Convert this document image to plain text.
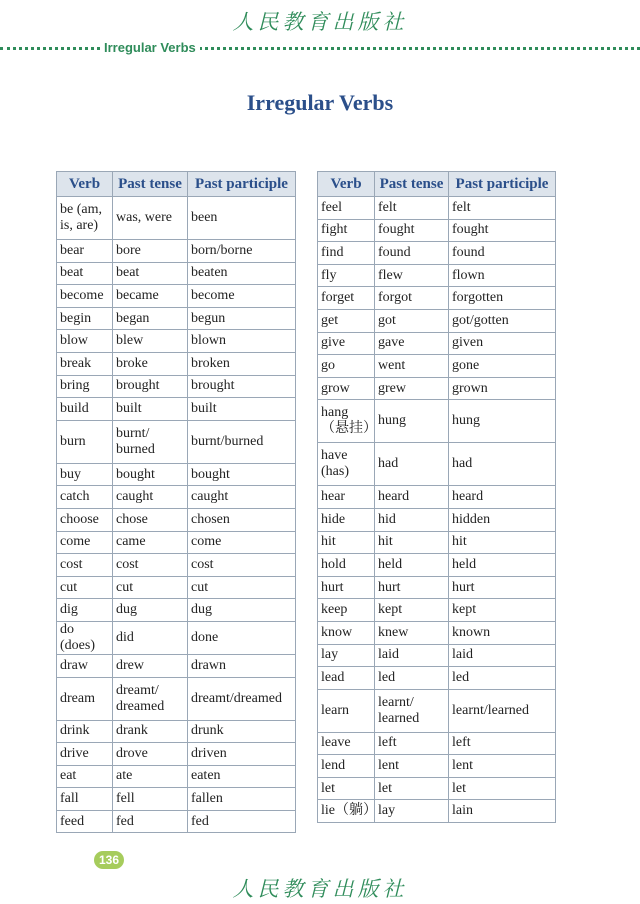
人民教育出版社
Irregular Verbs
Irregular Verbs
Verb	Past tense	Past participle
be (am, is, are)	was, were	been
bear	bore	born/borne
beat	beat	beaten
become	became	become
begin	began	begun
blow	blew	blown
break	broke	broken
bring	brought	brought
build	built	built
burn	burnt/ burned	burnt/burned
buy	bought	bought
catch	caught	caught
choose	chose	chosen
come	came	come
cost	cost	cost
cut	cut	cut
dig	dug	dug
do (does)	did	done
draw	drew	drawn
dream	dreamt/ dreamed	dreamt/dreamed
drink	drank	drunk
drive	drove	driven
eat	ate	eaten
fall	fell	fallen
feed	fed	fed
Verb	Past tense	Past participle
feel	felt	felt
fight	fought	fought
find	found	found
fly	flew	flown
forget	forgot	forgotten
get	got	got/gotten
give	gave	given
go	went	gone
grow	grew	grown
hang（悬挂）	hung	hung
have (has)	had	had
hear	heard	heard
hide	hid	hidden
hit	hit	hit
hold	held	held
hurt	hurt	hurt
keep	kept	kept
know	knew	known
lay	laid	laid
lead	led	led
learn	learnt/ learned	learnt/learned
leave	left	left
lend	lent	lent
let	let	let
lie（躺）	lay	lain
136
人民教育出版社
